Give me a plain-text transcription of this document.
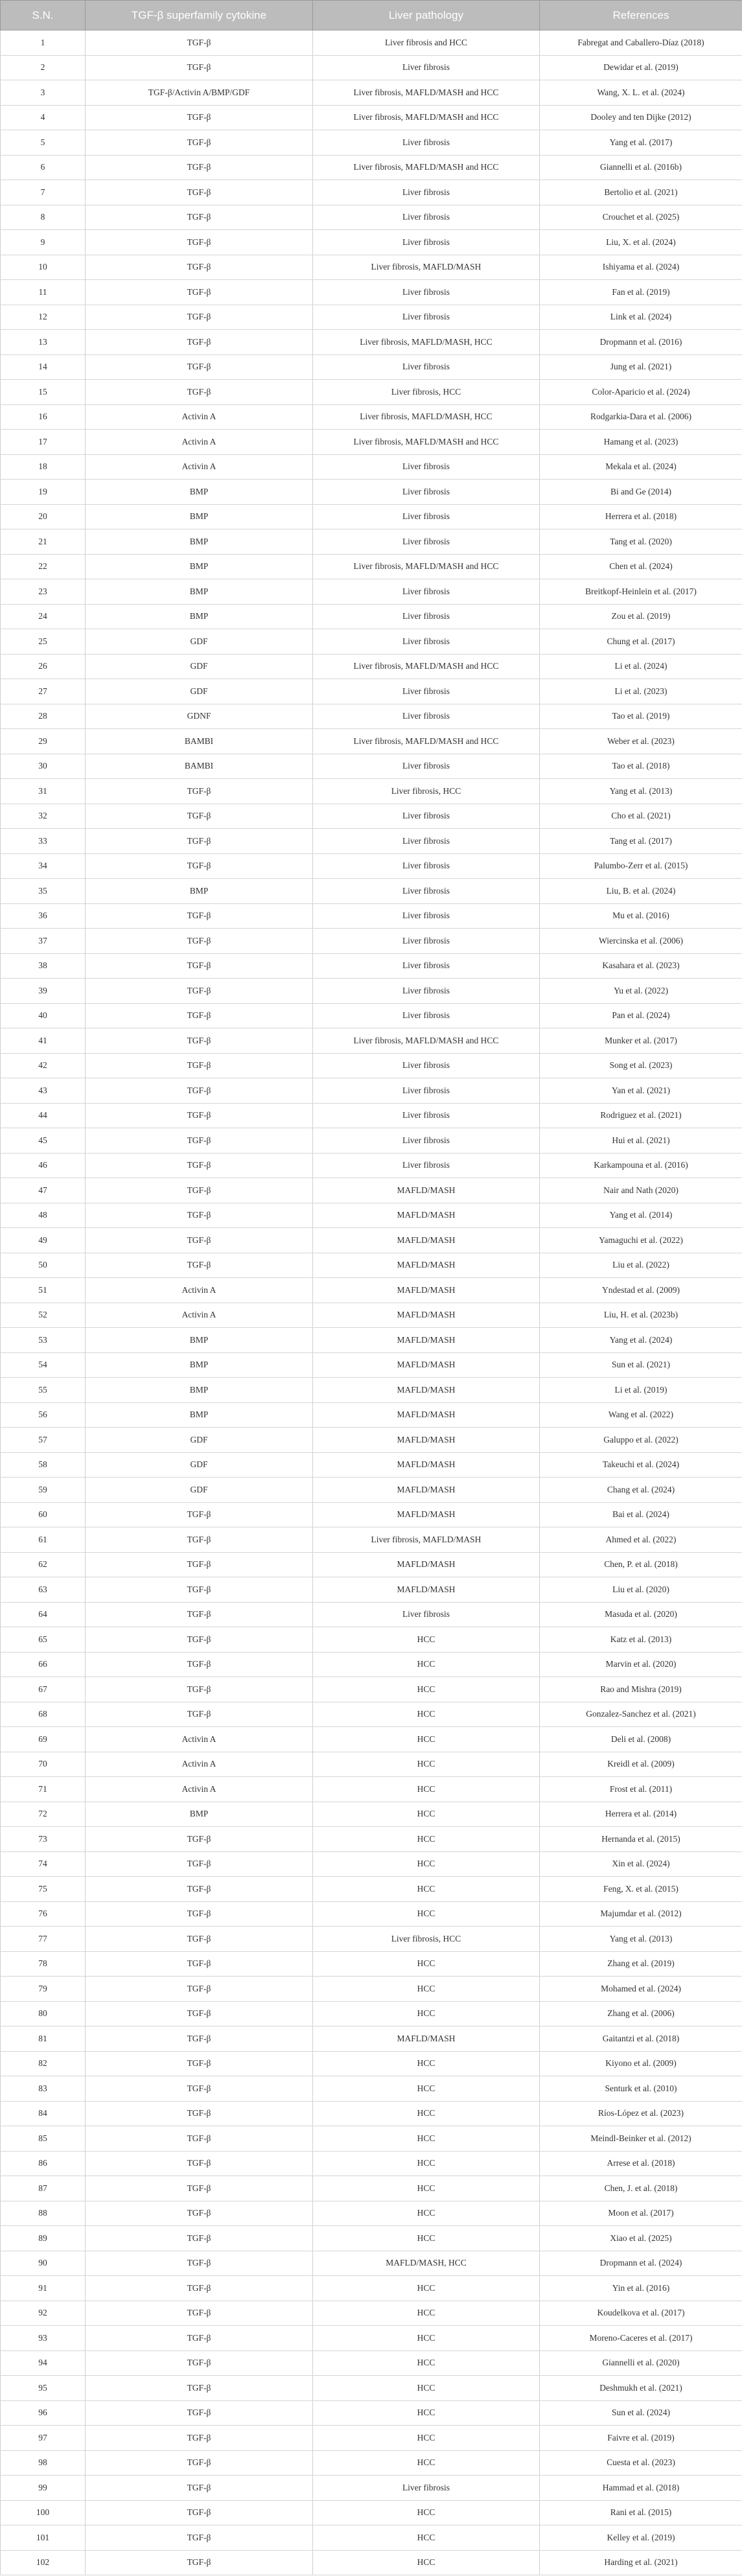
S.N.	TGF-β superfamily cytokine	Liver pathology	References
1	TGF-β	Liver fibrosis and HCC	Fabregat and Caballero-Díaz (2018)
2	TGF-β	Liver fibrosis	Dewidar et al. (2019)
3	TGF-β/Activin A/BMP/GDF	Liver fibrosis, MAFLD/MASH and HCC	Wang, X. L. et al. (2024)
4	TGF-β	Liver fibrosis, MAFLD/MASH and HCC	Dooley and ten Dijke (2012)
5	TGF-β	Liver fibrosis	Yang et al. (2017)
6	TGF-β	Liver fibrosis, MAFLD/MASH and HCC	Giannelli et al. (2016b)
7	TGF-β	Liver fibrosis	Bertolio et al. (2021)
8	TGF-β	Liver fibrosis	Crouchet et al. (2025)
9	TGF-β	Liver fibrosis	Liu, X. et al. (2024)
10	TGF-β	Liver fibrosis, MAFLD/MASH	Ishiyama et al. (2024)
11	TGF-β	Liver fibrosis	Fan et al. (2019)
12	TGF-β	Liver fibrosis	Link et al. (2024)
13	TGF-β	Liver fibrosis, MAFLD/MASH, HCC	Dropmann et al. (2016)
14	TGF-β	Liver fibrosis	Jung et al. (2021)
15	TGF-β	Liver fibrosis, HCC	Color-Aparicio et al. (2024)
16	Activin A	Liver fibrosis, MAFLD/MASH, HCC	Rodgarkia-Dara et al. (2006)
17	Activin A	Liver fibrosis, MAFLD/MASH and HCC	Hamang et al. (2023)
18	Activin A	Liver fibrosis	Mekala et al. (2024)
19	BMP	Liver fibrosis	Bi and Ge (2014)
20	BMP	Liver fibrosis	Herrera et al. (2018)
21	BMP	Liver fibrosis	Tang et al. (2020)
22	BMP	Liver fibrosis, MAFLD/MASH and HCC	Chen et al. (2024)
23	BMP	Liver fibrosis	Breitkopf-Heinlein et al. (2017)
24	BMP	Liver fibrosis	Zou et al. (2019)
25	GDF	Liver fibrosis	Chung et al. (2017)
26	GDF	Liver fibrosis, MAFLD/MASH and HCC	Li et al. (2024)
27	GDF	Liver fibrosis	Li et al. (2023)
28	GDNF	Liver fibrosis	Tao et al. (2019)
29	BAMBI	Liver fibrosis, MAFLD/MASH and HCC	Weber et al. (2023)
30	BAMBI	Liver fibrosis	Tao et al. (2018)
31	TGF-β	Liver fibrosis, HCC	Yang et al. (2013)
32	TGF-β	Liver fibrosis	Cho et al. (2021)
33	TGF-β	Liver fibrosis	Tang et al. (2017)
34	TGF-β	Liver fibrosis	Palumbo-Zerr et al. (2015)
35	BMP	Liver fibrosis	Liu, B. et al. (2024)
36	TGF-β	Liver fibrosis	Mu et al. (2016)
37	TGF-β	Liver fibrosis	Wiercinska et al. (2006)
38	TGF-β	Liver fibrosis	Kasahara et al. (2023)
39	TGF-β	Liver fibrosis	Yu et al. (2022)
40	TGF-β	Liver fibrosis	Pan et al. (2024)
41	TGF-β	Liver fibrosis, MAFLD/MASH and HCC	Munker et al. (2017)
42	TGF-β	Liver fibrosis	Song et al. (2023)
43	TGF-β	Liver fibrosis	Yan et al. (2021)
44	TGF-β	Liver fibrosis	Rodriguez et al. (2021)
45	TGF-β	Liver fibrosis	Hui et al. (2021)
46	TGF-β	Liver fibrosis	Karkampouna et al. (2016)
47	TGF-β	MAFLD/MASH	Nair and Nath (2020)
48	TGF-β	MAFLD/MASH	Yang et al. (2014)
49	TGF-β	MAFLD/MASH	Yamaguchi et al. (2022)
50	TGF-β	MAFLD/MASH	Liu et al. (2022)
51	Activin A	MAFLD/MASH	Yndestad et al. (2009)
52	Activin A	MAFLD/MASH	Liu, H. et al. (2023b)
53	BMP	MAFLD/MASH	Yang et al. (2024)
54	BMP	MAFLD/MASH	Sun et al. (2021)
55	BMP	MAFLD/MASH	Li et al. (2019)
56	BMP	MAFLD/MASH	Wang et al. (2022)
57	GDF	MAFLD/MASH	Galuppo et al. (2022)
58	GDF	MAFLD/MASH	Takeuchi et al. (2024)
59	GDF	MAFLD/MASH	Chang et al. (2024)
60	TGF-β	MAFLD/MASH	Bai et al. (2024)
61	TGF-β	Liver fibrosis, MAFLD/MASH	Ahmed et al. (2022)
62	TGF-β	MAFLD/MASH	Chen, P. et al. (2018)
63	TGF-β	MAFLD/MASH	Liu et al. (2020)
64	TGF-β	Liver fibrosis	Masuda et al. (2020)
65	TGF-β	HCC	Katz et al. (2013)
66	TGF-β	HCC	Marvin et al. (2020)
67	TGF-β	HCC	Rao and Mishra (2019)
68	TGF-β	HCC	Gonzalez-Sanchez et al. (2021)
69	Activin A	HCC	Deli et al. (2008)
70	Activin A	HCC	Kreidl et al. (2009)
71	Activin A	HCC	Frost et al. (2011)
72	BMP	HCC	Herrera et al. (2014)
73	TGF-β	HCC	Hernanda et al. (2015)
74	TGF-β	HCC	Xin et al. (2024)
75	TGF-β	HCC	Feng, X. et al. (2015)
76	TGF-β	HCC	Majumdar et al. (2012)
77	TGF-β	Liver fibrosis, HCC	Yang et al. (2013)
78	TGF-β	HCC	Zhang et al. (2019)
79	TGF-β	HCC	Mohamed et al. (2024)
80	TGF-β	HCC	Zhang et al. (2006)
81	TGF-β	MAFLD/MASH	Gaitantzi et al. (2018)
82	TGF-β	HCC	Kiyono et al. (2009)
83	TGF-β	HCC	Senturk et al. (2010)
84	TGF-β	HCC	Ríos-López et al. (2023)
85	TGF-β	HCC	Meindl-Beinker et al. (2012)
86	TGF-β	HCC	Arrese et al. (2018)
87	TGF-β	HCC	Chen, J. et al. (2018)
88	TGF-β	HCC	Moon et al. (2017)
89	TGF-β	HCC	Xiao et al. (2025)
90	TGF-β	MAFLD/MASH, HCC	Dropmann et al. (2024)
91	TGF-β	HCC	Yin et al. (2016)
92	TGF-β	HCC	Koudelkova et al. (2017)
93	TGF-β	HCC	Moreno-Caceres et al. (2017)
94	TGF-β	HCC	Giannelli et al. (2020)
95	TGF-β	HCC	Deshmukh et al. (2021)
96	TGF-β	HCC	Sun et al. (2024)
97	TGF-β	HCC	Faivre et al. (2019)
98	TGF-β	HCC	Cuesta et al. (2023)
99	TGF-β	Liver fibrosis	Hammad et al. (2018)
100	TGF-β	HCC	Rani et al. (2015)
101	TGF-β	HCC	Kelley et al. (2019)
102	TGF-β	HCC	Harding et al. (2021)
